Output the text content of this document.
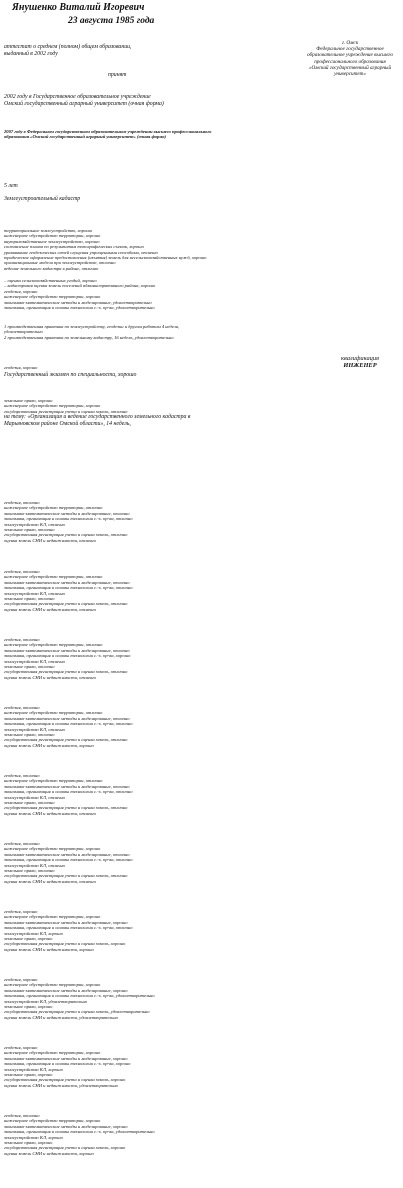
Янушенко Виталий Игоревич
23 августа 1985 года
г. Омск
Федеральное государственное образовательное учреждение высшего профессионального образования
«Омский государственный аграрный университет»
аттестат о среднем (полном) общем образовании,
выданный в 2002 году
принят
2002 году в Государственное образовательное учреждение
Омский государственный аграрный университет (очная форма)
2007 году в Федеральном государственном образовательном учреждении высшего профессионального
образования «Омский государственный аграрный университет» (очная форма)
5 лет
Землеустроительный кадастр
территориальное землеустройство, хорошо
инженерное обустройство территории, хорошо
внутрихозяйственное землеустройство, хорошо
составление планов по результатам топографических съемок, хорошо
уравнивание геодезических сетей сгущения упрощенными способами, отлично
юридическое оформление предоставления (изъятия) земель для несельскохозяйственных нужд, хорошо
организационные модели при землеустройстве, отлично
ведение земельного кадастра в районе, отлично
– оценка сельскохозяйственных угодий, хорошо
– кадастровая оценка земель поселений административного района, хорошо
геодезия, хорошо
инженерное обустройство территории, хорошо
экономико-математические методы и моделирование, удовлетворительно
экономика, организация и основы технологии с.-х. пр-ва, удовлетворительно
1 производственная практика по землеустройству, геодезии и другим работам 4 недели,
удовлетворительно
2 производственная практика по земельному кадастру, 16 недель, удовлетворительно
квалификация
ИНЖЕНЕР
геодезия, хорошо
Государственный экзамен по специальности, хорошо
земельное право, хорошо
инженерное обустройство территории, хорошо
государственная регистрация учета и оценка земель, отлично
на тему: «Организация и ведение государственного земельного кадастра в
Марьяновском районе Омской области», 14 недель,
геодезия, отлично
инженерное обустройство территории, отлично
экономико-математические методы и моделирование, отлично
экономика, организация и основы технологии с.-х. пр-ва, отлично
землеустройство КЛ, отлично
земельное право, отлично
государственная регистрация учета и оценка земель, отлично
оценка земель СНИ и недвижимости, отлично
геодезия, отлично
инженерное обустройство территории, отлично
экономико-математические методы и моделирование, отлично
экономика, организация и основы технологии с.-х. пр-ва, отлично
землеустройство КЛ, отлично
земельное право, отлично
государственная регистрация учета и оценка земель, отлично
оценка земель СНИ и недвижимости, отлично
геодезия, отлично
инженерное обустройство территории, отлично
экономико-математические методы и моделирование, отлично
экономика, организация и основы технологии с.-х. пр-ва, хорошо
землеустройство КЛ, отлично
земельное право, отлично
государственная регистрация учета и оценка земель, отлично
оценка земель СНИ и недвижимости, отлично
геодезия, отлично
инженерное обустройство территории, отлично
экономико-математические методы и моделирование, отлично
экономика, организация и основы технологии с.-х. пр-ва, отлично
землеустройство КЛ, отлично
земельное право, отлично
государственная регистрация учета и оценка земель, отлично
оценка земель СНИ и недвижимости, хорошо
геодезия, отлично
инженерное обустройство территории, отлично
экономико-математические методы и моделирование, отлично
экономика, организация и основы технологии с.-х. пр-ва, отлично
землеустройство КЛ, отлично
земельное право, отлично
государственная регистрация учета и оценка земель, отлично
оценка земель СНИ и недвижимости, отлично
геодезия, отлично
инженерное обустройство территории, хорошо
экономико-математические методы и моделирование, отлично
экономика, организация и основы технологии с.-х. пр-ва, отлично
землеустройство КЛ, отлично
земельное право, отлично
государственная регистрация учета и оценка земель, отлично
оценка земель СНИ и недвижимости, отлично
геодезия, хорошо
инженерное обустройство территории, хорошо
экономико-математические методы и моделирование, хорошо
экономика, организация и основы технологии с.-х. пр-ва, отлично
землеустройство КЛ, хорошо
земельное право, хорошо
государственная регистрация учета и оценка земель, хорошо
оценка земель СНИ и недвижимости, хорошо
геодезия, хорошо
инженерное обустройство территории, хорошо
экономико-математические методы и моделирование, хорошо
экономика, организация и основы технологии с.-х. пр-ва, удовлетворительно
землеустройство КЛ, удовлетворительно
земельное право, хорошо
государственная регистрация учета и оценка земель, удовлетворительно
оценка земель СНИ и недвижимости, удовлетворительно
геодезия, хорошо
инженерное обустройство территории, хорошо
экономико-математические методы и моделирование, хорошо
экономика, организация и основы технологии с.-х. пр-ва, хорошо
землеустройство КЛ, хорошо
земельное право, хорошо
государственная регистрация учета и оценка земель, хорошо
оценка земель СНИ и недвижимости, удовлетворительно
геодезия, отлично
инженерное обустройство территории, хорошо
экономико-математические методы и моделирование, хорошо
экономика, организация и основы технологии с.-х. пр-ва, удовлетворительно
землеустройство КЛ, хорошо
земельное право, хорошо
государственная регистрация учета и оценка земель, хорошо
оценка земель СНИ и недвижимости, хорошо
